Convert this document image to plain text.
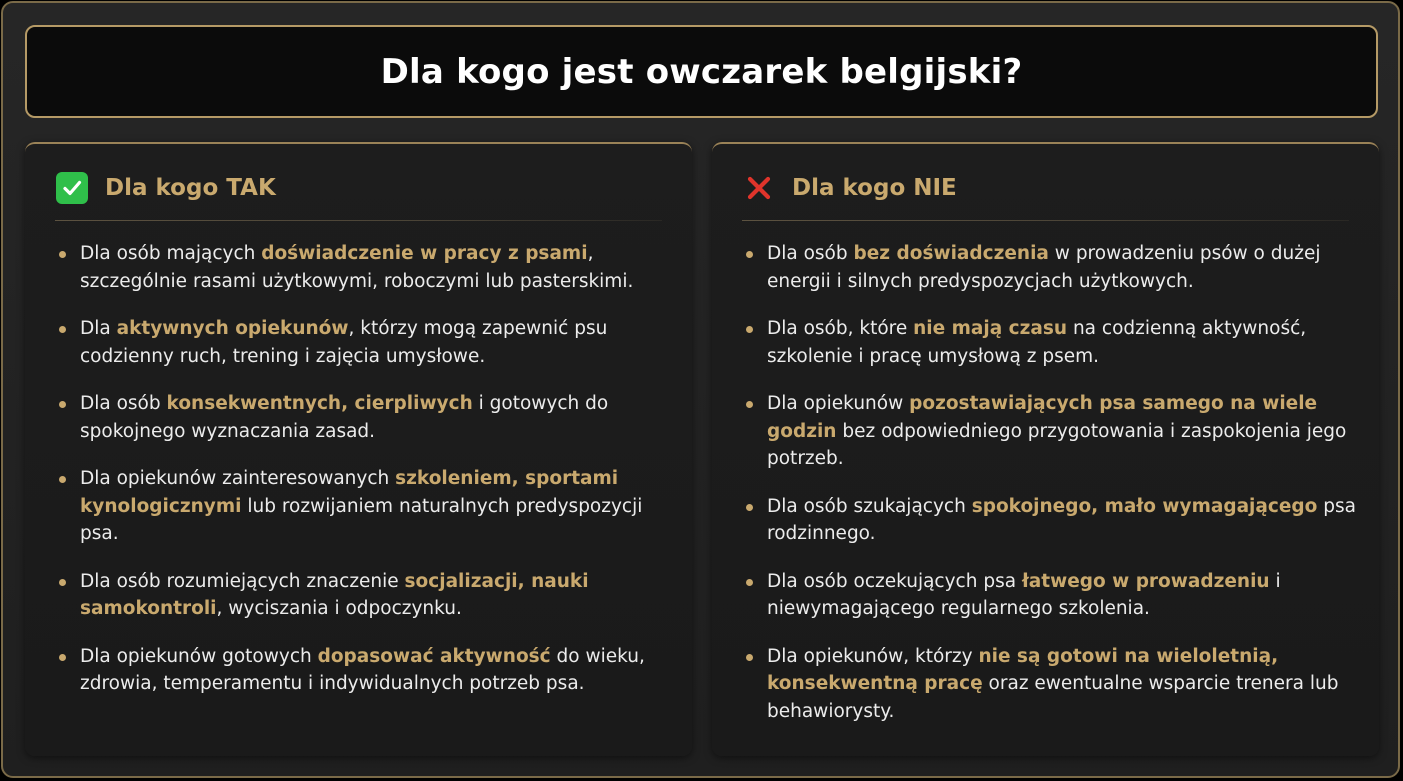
Dla kogo jest owczarek belgijski?
Dla kogo TAK
Dla osób mających doświadczenie w pracy z psami, szczególnie rasami użytkowymi, roboczymi lub pasterskimi.
Dla aktywnych opiekunów, którzy mogą zapewnić psu codzienny ruch, trening i zajęcia umysłowe.
Dla osób konsekwentnych, cierpliwych i gotowych do spokojnego wyznaczania zasad.
Dla opiekunów zainteresowanych szkoleniem, sportami kynologicznymi lub rozwijaniem naturalnych predyspozycji psa.
Dla osób rozumiejących znaczenie socjalizacji, nauki samokontroli, wyciszania i odpoczynku.
Dla opiekunów gotowych dopasować aktywność do wieku, zdrowia, temperamentu i indywidualnych potrzeb psa.
Dla kogo NIE
Dla osób bez doświadczenia w prowadzeniu psów o dużej energii i silnych predyspozycjach użytkowych.
Dla osób, które nie mają czasu na codzienną aktywność, szkolenie i pracę umysłową z psem.
Dla opiekunów pozostawiających psa samego na wiele godzin bez odpowiedniego przygotowania i zaspokojenia jego potrzeb.
Dla osób szukających spokojnego, mało wymagającego psa rodzinnego.
Dla osób oczekujących psa łatwego w prowadzeniu i niewymagającego regularnego szkolenia.
Dla opiekunów, którzy nie są gotowi na wieloletnią, konsekwentną pracę oraz ewentualne wsparcie trenera lub behawiorysty.
